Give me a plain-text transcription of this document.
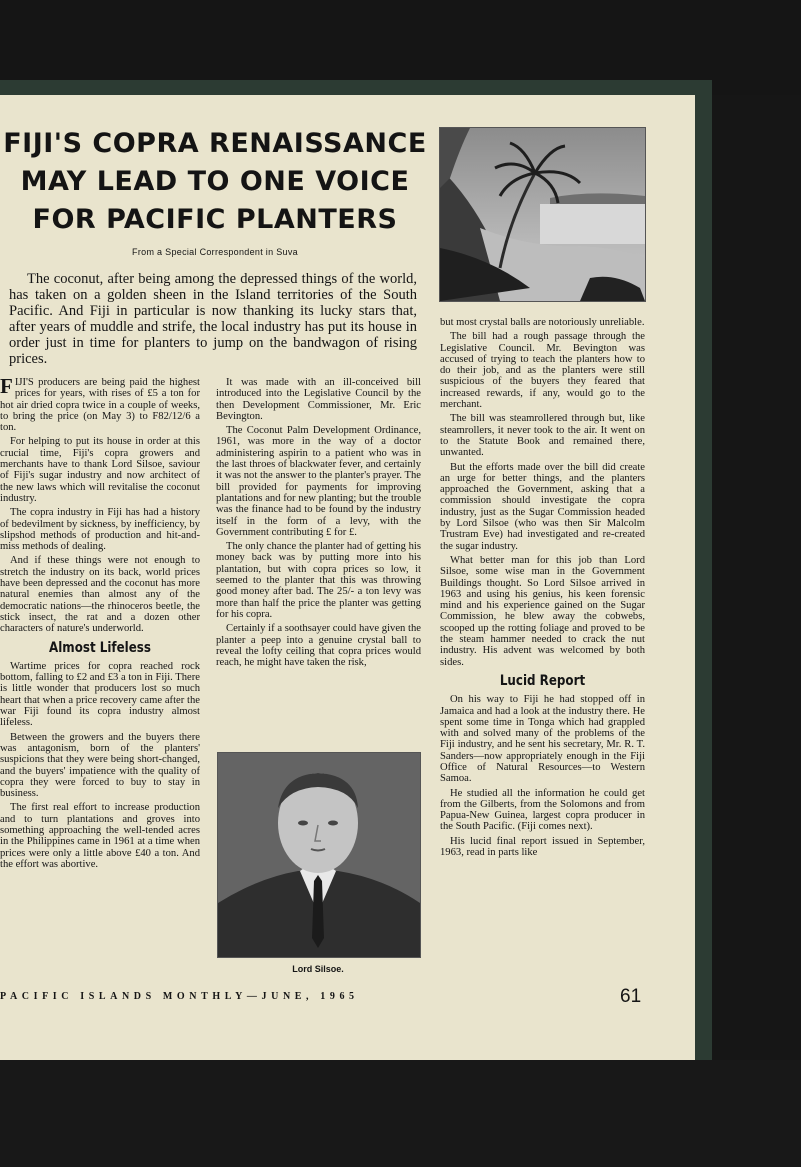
FIJI'S COPRA RENAISSANCE
MAY LEAD TO ONE VOICE
FOR PACIFIC PLANTERS
From a Special Correspondent in Suva

The coconut, after being among the depressed things of the world, has taken on a golden sheen in the Island territories of the South Pacific. And Fiji in particular is now thanking its lucky stars that, after years of muddle and strife, the local industry has put its house in order just in time for planters to jump on the bandwagon of rising prices.

FIJI'S producers are being paid the highest prices for years, with rises of £5 a ton for hot air dried copra twice in a couple of weeks, to bring the price (on May 3) to F82/12/6 a ton.

For helping to put its house in order at this crucial time, Fiji's copra growers and merchants have to thank Lord Silsoe, saviour of Fiji's sugar industry and now architect of the new laws which will revitalise the coconut industry.

The copra industry in Fiji has had a history of bedevilment by sickness, by inefficiency, by slipshod methods of production and hit-and-miss methods of dealing.

And if these things were not enough to stretch the industry on its back, world prices have been depressed and the coconut has more natural enemies than almost any of the democratic nations—the rhinoceros beetle, the stick insect, the rat and a dozen other characters of nature's underworld.

Almost Lifeless

Wartime prices for copra reached rock bottom, falling to £2 and £3 a ton in Fiji. There is little wonder that producers lost so much heart that when a price recovery came after the war Fiji found its copra industry almost lifeless.

Between the growers and the buyers there was antagonism, born of the planters' suspicions that they were being short-changed, and the buyers' impatience with the quality of copra they were forced to buy to stay in business.

The first real effort to increase production and to turn plantations and groves into something approaching the well-tended acres in the Philippines came in 1961 at a time when prices were only a little above £40 a ton. And the effort was abortive.

It was made with an ill-conceived bill introduced into the Legislative Council by the then Development Commissioner, Mr. Eric Bevington.

The Coconut Palm Development Ordinance, 1961, was more in the way of a doctor administering aspirin to a patient who was in the last throes of blackwater fever, and certainly it was not the answer to the planter's prayer. The bill provided for payments for improving plantations and for new planting; but the trouble was the finance had to be found by the industry itself in the form of a levy, with the Government contributing £ for £.

The only chance the planter had of getting his money back was by putting more into his plantation, but with copra prices so low, it seemed to the planter that this was throwing good money after bad. The 25/- a ton levy was more than half the price the planter was getting for his copra.

Certainly if a soothsayer could have given the planter a peep into a genuine crystal ball to reveal the lofty ceiling that copra prices would reach, he might have taken the risk,

Lord Silsoe.

but most crystal balls are notoriously unreliable.

The bill had a rough passage through the Legislative Council. Mr. Bevington was accused of trying to teach the planters how to do their job, and as the planters were still suspicious of the buyers they feared that increased rewards, if any, would go to the merchant.

The bill was steamrollered through but, like steamrollers, it never took to the air. It went on to the Statute Book and remained there, unwanted.

But the efforts made over the bill did create an urge for better things, and the planters approached the Government, asking that a commission should investigate the copra industry, just as the Sugar Commission headed by Lord Silsoe (who was then Sir Malcolm Trustram Eve) had investigated and re-created the sugar industry.

What better man for this job than Lord Silsoe, some wise man in the Government Buildings thought. So Lord Silsoe arrived in 1963 and using his genius, his keen forensic mind and his experience gained on the Sugar Commission, he blew away the cobwebs, scooped up the rotting foliage and proved to be the steam hammer needed to crack the nut industry. His advent was welcomed by both sides.

Lucid Report

On his way to Fiji he had stopped off in Jamaica and had a look at the industry there. He spent some time in Tonga which had grappled with and solved many of the problems of the Fiji industry, and he sent his secretary, Mr. R. T. Sanders—now appropriately enough in the Fiji Office of Natural Resources—to Western Samoa.

He studied all the information he could get from the Gilberts, from the Solomons and from Papua-New Guinea, largest copra producer in the South Pacific. (Fiji comes next).

His lucid final report issued in September, 1963, read in parts like

PACIFIC ISLANDS MONTHLY—JUNE, 1965	61
